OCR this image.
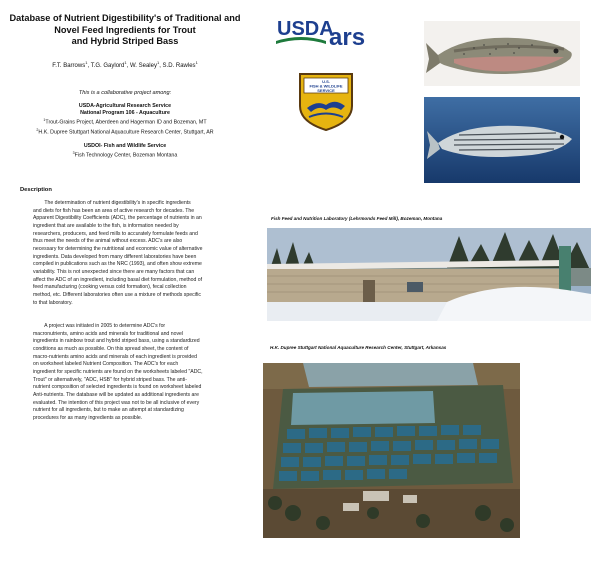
Database of Nutrient Digestibility's of Traditional and
Novel Feed Ingredients for Trout
and Hybrid Striped Bass
F.T. Barrows$^1$, T.G. Gaylord$^1$, W. Sealey$^1$, S.D. Rawles$^1$
This is a collaborative project among:
USDA-Agricultural Research Service
National Program 106 - Aquaculture
$^1$Trout-Grains Project, Aberdeen and Hagerman ID and Bozeman, MT
$^2$H.K. Dupree Stuttgart National Aquaculture Research Center, Stuttgart, AR
USDOI- Fish and Wildlife Service
$^3$Fish Technology Center, Bozeman Montana
Description
The determination of nutrient digestibility's in specific ingredients
and diets for fish has been an area of active research for decades. The
Apparent Digestibility Coefficients (ADC), the percentage of nutrients in an
ingredient that are available to the fish, is information needed by
researchers, producers, and feed mills to accurately formulate feeds and
thus meet the needs of the animal without excess. ADC's are also
necessary for determining the nutritional and economic value of alternative
ingredients. Data developed from many different laboratories have been
compiled in publications such as the NRC (1993), and often show extreme
variability. This is not unexpected since there are many factors that can
affect the ADC of an ingredient, including basal diet formulation, method of
feed manufacturing (cooking versus cold formation), fecal collection
method, etc. Different laboratories often use a mixture of methods specific
to that laboratory.
A project was initiated in 2005 to determine ADC's for
macronutrients, amino acids and minerals for traditional and novel
ingredients in rainbow trout and hybrid striped bass, using a standardized
conditions as much as possible. On this spread sheet, the content of
macro-nutrients amino acids and minerals of each ingredient is provided
on worksheet labeled Nutrient Composition. The ADC's for each
ingredient for specific nutrients are found on the worksheets labeled "ADC,
Trout" or alternatively, "ADC, HSB" for hybrid striped bass. The anti-
nutrient composition of selected ingredients is found on worksheet labeled
Anti-nutrients. The database will be updated as additional ingredients are
evaluated. The intention of this project was not to be all inclusive of every
nutrient for all ingredients, but to make an attempt at standardizing
procedures for as many ingredients as possible.
USDA
ars
U.S.
FISH & WILDLIFE
SERVICE
Fish Feed and Nutrition Laboratory (Lehrmonds Feed Mill), Bozeman, Montana
H.K. Dupree Stuttgart National Aquaculture Research Center, Stuttgart, Arkansas
